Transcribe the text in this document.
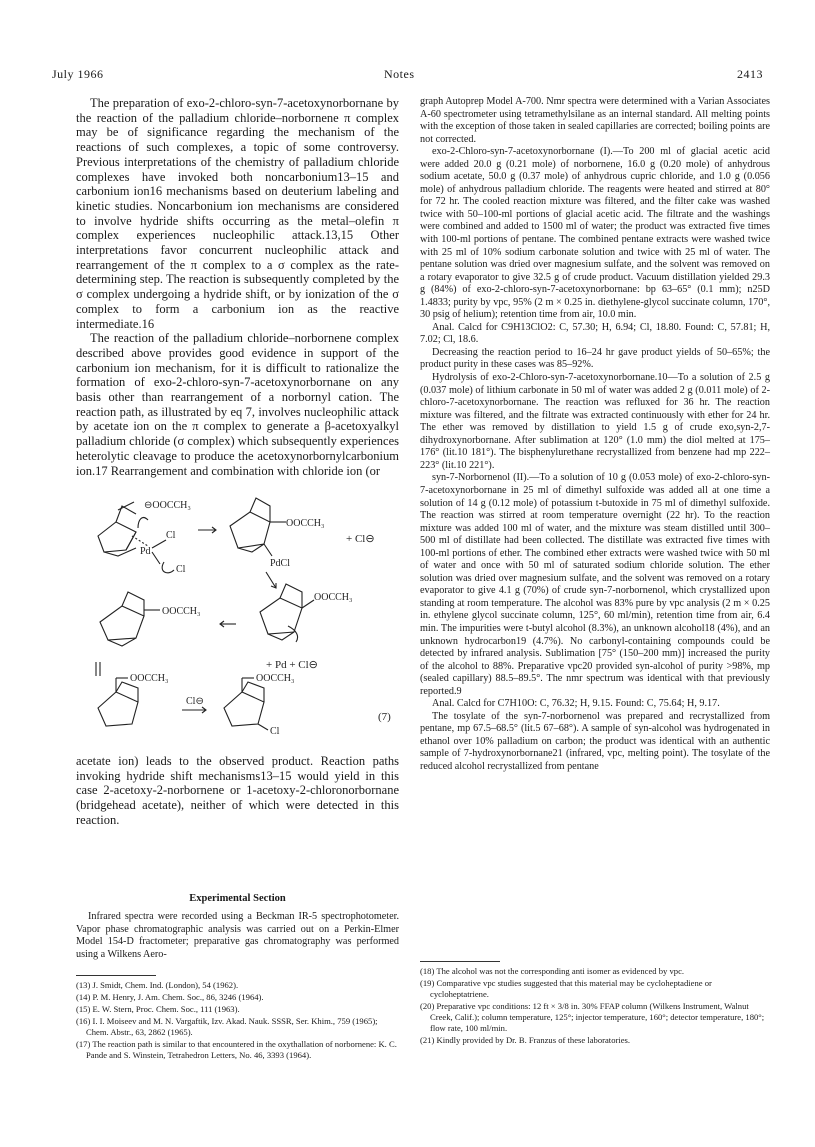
July 1966	Notes	2413

The preparation of exo-2-chloro-syn-7-acetoxynorbornane by the reaction of the palladium chloride–norbornene π complex may be of significance regarding the mechanism of the reactions of such complexes, a topic of some controversy. Previous interpretations of the chemistry of palladium chloride complexes have invoked both noncarbonium13–15 and carbonium ion16 mechanisms based on deuterium labeling and kinetic studies. Noncarbonium ion mechanisms are considered to involve hydride shifts occurring as the metal–olefin π complex experiences nucleophilic attack.13,15 Other interpretations favor concurrent nucleophilic attack and rearrangement of the π complex to a σ complex as the rate-determining step. The reaction is subsequently completed by the σ complex undergoing a hydride shift, or by ionization of the σ complex to form a carbonium ion as the reactive intermediate.16

The reaction of the palladium chloride–norbornene complex described above provides good evidence in support of the carbonium ion mechanism, for it is difficult to rationalize the formation of exo-2-chloro-syn-7-acetoxynorbornane on any basis other than rearrangement of a norbornyl cation. The reaction path, as illustrated by eq 7, involves nucleophilic attack by acetate ion on the π complex to generate a β-acetoxyalkyl palladium chloride (σ complex) which subsequently experiences heterolytic cleavage to produce the acetoxynorbornylcarbonium ion.17 Rearrangement and combination with chloride ion (or

⊖OOCCH₃
Cl
Pd
Cl
OOCCH₃
PdCl
+ Cl⊖
OOCCH₃
OOCCH₃
+ Pd + Cl⊖
OOCCH₃
Cl⊖
OOCCH₃
Cl
(7)

acetate ion) leads to the observed product. Reaction paths invoking hydride shift mechanisms13–15 would yield in this case 2-acetoxy-2-norbornene or 1-acetoxy-2-chloronorbornane (bridgehead acetate), neither of which were detected in this reaction.

Experimental Section

Infrared spectra were recorded using a Beckman IR-5 spectrophotometer. Vapor phase chromatographic analysis was carried out on a Perkin-Elmer Model 154-D fractometer; preparative gas chromatography was performed using a Wilkens Aero-

(13) J. Smidt, Chem. Ind. (London), 54 (1962).

(14) P. M. Henry, J. Am. Chem. Soc., 86, 3246 (1964).

(15) E. W. Stern, Proc. Chem. Soc., 111 (1963).

(16) I. I. Moiseev and M. N. Vargaftik, Izv. Akad. Nauk. SSSR, Ser. Khim., 759 (1965); Chem. Abstr., 63, 2862 (1965).

(17) The reaction path is similar to that encountered in the oxythallation of norbornene: K. C. Pande and S. Winstein, Tetrahedron Letters, No. 46, 3393 (1964).

graph Autoprep Model A-700. Nmr spectra were determined with a Varian Associates A-60 spectrometer using tetramethylsilane as an internal standard. All melting points with the exception of those taken in sealed capillaries are corrected; boiling points are not corrected.

exo-2-Chloro-syn-7-acetoxynorbornane (I).—To 200 ml of glacial acetic acid were added 20.0 g (0.21 mole) of norbornene, 16.0 g (0.20 mole) of anhydrous sodium acetate, 50.0 g (0.37 mole) of anhydrous cupric chloride, and 1.0 g (0.056 mole) of anhydrous palladium chloride. The reagents were heated and stirred at 80° for 72 hr. The cooled reaction mixture was filtered, and the filter cake was washed twice with 50–100-ml portions of glacial acetic acid. The filtrate and the washings were combined and added to 1500 ml of water; the product was extracted five times with 100-ml portions of pentane. The combined pentane extracts were washed twice with 25 ml of 10% sodium carbonate solution and twice with 25 ml of water. The pentane solution was dried over magnesium sulfate, and the solvent was removed on a rotary evaporator to give 32.5 g of crude product. Vacuum distillation yielded 29.3 g (84%) of exo-2-chloro-syn-7-acetoxynorbornane: bp 63–65° (0.1 mm); n25D 1.4833; purity by vpc, 95% (2 m × 0.25 in. diethylene-glycol succinate column, 170°, 30 psig of helium); retention time from air, 10.0 min.

Anal. Calcd for C9H13ClO2: C, 57.30; H, 6.94; Cl, 18.80. Found: C, 57.81; H, 7.02; Cl, 18.6.

Decreasing the reaction period to 16–24 hr gave product yields of 50–65%; the product purity in these cases was 85–92%.

Hydrolysis of exo-2-Chloro-syn-7-acetoxynorbornane.10—To a solution of 2.5 g (0.037 mole) of lithium carbonate in 50 ml of water was added 2 g (0.011 mole) of 2-chloro-7-acetoxynorbornane. The reaction was refluxed for 36 hr. The reaction mixture was filtered, and the filtrate was extracted continuously with ether for 24 hr. The ether was removed by distillation to yield 1.5 g of crude exo,syn-2,7-dihydroxynorbornane. After sublimation at 120° (1.0 mm) the diol melted at 175–176° (lit.10 181°). The bisphenylurethane recrystallized from benzene had mp 222–223° (lit.10 221°).

syn-7-Norbornenol (II).—To a solution of 10 g (0.053 mole) of exo-2-chloro-syn-7-acetoxynorbornane in 25 ml of dimethyl sulfoxide was added all at one time a solution of 14 g (0.12 mole) of potassium t-butoxide in 75 ml of dimethyl sulfoxide. The reaction was stirred at room temperature overnight (22 hr). To the reaction mixture was added 100 ml of water, and the mixture was steam distilled until 300–500 ml of distillate had been collected. The distillate was extracted five times with 100-ml portions of ether. The combined ether extracts were washed twice with 50 ml of water and once with 50 ml of saturated sodium chloride solution. The ether solution was dried over magnesium sulfate, and the solvent was removed on a rotary evaporator to give 4.1 g (70%) of crude syn-7-norbornenol, which crystallized upon standing at room temperature. The alcohol was 83% pure by vpc analysis (2 m × 0.25 in. ethylene glycol succinate column, 125°, 60 ml/min), retention time from air, 6.4 min. The impurities were t-butyl alcohol (8.3%), an unknown alcohol18 (4%), and an unknown hydrocarbon19 (4.7%). No carbonyl-containing compounds could be detected by infrared analysis. Sublimation [75° (150–200 mm)] increased the purity of the alcohol to 88%. Preparative vpc20 provided syn-alcohol of purity >98%, mp (sealed capillary) 88.5–89.5°. The nmr spectrum was identical with that previously reported.9

Anal. Calcd for C7H10O: C, 76.32; H, 9.15. Found: C, 75.64; H, 9.17.

The tosylate of the syn-7-norbornenol was prepared and recrystallized from pentane, mp 67.5–68.5° (lit.5 67–68°). A sample of syn-alcohol was hydrogenated in ethanol over 10% palladium on carbon; the product was identical with an authentic sample of 7-hydroxynorbornane21 (infrared, vpc, melting point). The tosylate of the reduced alcohol recrystallized from pentane

(18) The alcohol was not the corresponding anti isomer as evidenced by vpc.

(19) Comparative vpc studies suggested that this material may be cycloheptadiene or cycloheptatriene.

(20) Preparative vpc conditions: 12 ft × 3/8 in. 30% FFAP column (Wilkens Instrument, Walnut Creek, Calif.); column temperature, 125°; injector temperature, 160°; detector temperature, 180°; flow rate, 100 ml/min.

(21) Kindly provided by Dr. B. Franzus of these laboratories.
